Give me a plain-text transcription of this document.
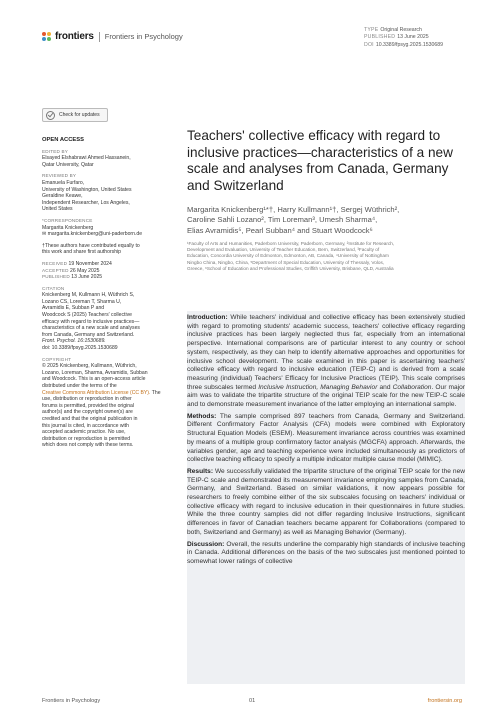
frontiers Frontiers in Psychology
TYPE Original Research
PUBLISHED 13 June 2025
DOI 10.3389/fpsyg.2025.1530689
Check for updates
OPEN ACCESS
EDITED BY
Elsayed Elshabrawi Ahmed Hassanein,
Qatar University, Qatar
REVIEWED BY
Emanuela Furfaro,
University of Washington, United States
Geraldine Keawe,
Independent Researcher, Los Angeles,
United States
*CORRESPONDENCE
Margarita Knickenberg
✉ margarita.knickenberg@uni-paderborn.de
†These authors have contributed equally to
this work and share first authorship
RECEIVED 19 November 2024
ACCEPTED 26 May 2025
PUBLISHED 13 June 2025
CITATION
Knickenberg M, Kullmann H, Wüthrich S,
Lozano CS, Loreman T, Sharma U,
Avramidis E, Subban P and
Woodcock S (2025) Teachers' collective
efficacy with regard to inclusive practices—
characteristics of a new scale and analyses
from Canada, Germany and Switzerland.
Front. Psychol. 16:1530689.
doi: 10.3389/fpsyg.2025.1530689
COPYRIGHT
© 2025 Knickenberg, Kullmann, Wüthrich,
Lozano, Loreman, Sharma, Avramidis, Subban
and Woodcock. This is an open-access article
distributed under the terms of the
Creative Commons Attribution License (CC BY). The
use, distribution or reproduction in other
forums is permitted, provided the original
author(s) and the copyright owner(s) are
credited and that the original publication in
this journal is cited, in accordance with
accepted academic practice. No use,
distribution or reproduction is permitted
which does not comply with these terms.
Teachers' collective efficacy with regard to inclusive practices—characteristics of a new scale and analyses from Canada, Germany and Switzerland
Margarita Knickenberg¹*†, Harry Kullmann¹†, Sergej Wüthrich²,
Caroline Sahli Lozano², Tim Loreman³, Umesh Sharma⁴,
Elias Avramidis⁵, Pearl Subban⁴ and Stuart Woodcock⁶
¹Faculty of Arts and Humanities, Paderborn University, Paderborn, Germany, ²Institute for Research,
Development and Evaluation, University of Teacher Education, Bern, Switzerland, ³Faculty of
Education, Concordia University of Edmonton, Edmonton, AB, Canada, ⁴University of Nottingham
Ningbo China, Ningbo, China, ⁵Department of Special Education, University of Thessaly, Volos,
Greece, ⁶School of Education and Professional Studies, Griffith University, Brisbane, QLD, Australia

Introduction: While teachers' individual and collective efficacy has been extensively studied with regard to promoting students' academic success, teachers' collective efficacy regarding inclusive practices has been largely neglected thus far, especially from an international perspective. International comparisons are of particular interest to any country or school system, respectively, as they can help to identify alternative approaches and opportunities for inclusive school development. The scale examined in this paper is ascertaining teachers' collective efficacy with regard to inclusive education (TEIP-C) and is derived from a scale measuring (individual) Teachers' Efficacy for Inclusive Practices (TEIP). This scale comprises three subscales termed Inclusive Instruction, Managing Behavior and Collaboration. Our major aim was to validate the tripartite structure of the original TEIP scale for the new TEIP-C scale and to demonstrate measurement invariance of the latter employing an international sample.

Methods: The sample comprised 897 teachers from Canada, Germany and Switzerland. Different Confirmatory Factor Analysis (CFA) models were combined with Exploratory Structural Equation Models (ESEM). Measurement invariance across countries was examined by means of a multiple group confirmatory factor analysis (MGCFA) approach. Afterwards, the variables gender, age and teaching experience were included simultaneously as predictors of collective teaching efficacy to specify a multiple indicator multiple cause model (MIMIC).

Results: We successfully validated the tripartite structure of the original TEIP scale for the new TEIP-C scale and demonstrated its measurement invariance employing samples from Canada, Germany, and Switzerland. Based on similar validations, it now appears possible for researchers to freely combine either of the six subscales focusing on teachers' individual or collective efficacy with regard to inclusive education in their questionnaires in future studies. While the three country samples did not differ regarding Inclusive Instructions, significant differences in favor of Canadian teachers became apparent for Collaborations (compared to both, Switzerland and Germany) as well as Managing Behavior (Germany).

Discussion: Overall, the results underline the comparably high standards of inclusive teaching in Canada. Additional differences on the basis of the two subscales just mentioned pointed to somewhat lower ratings of collective

Frontiers in Psychology	01	frontiersin.org
